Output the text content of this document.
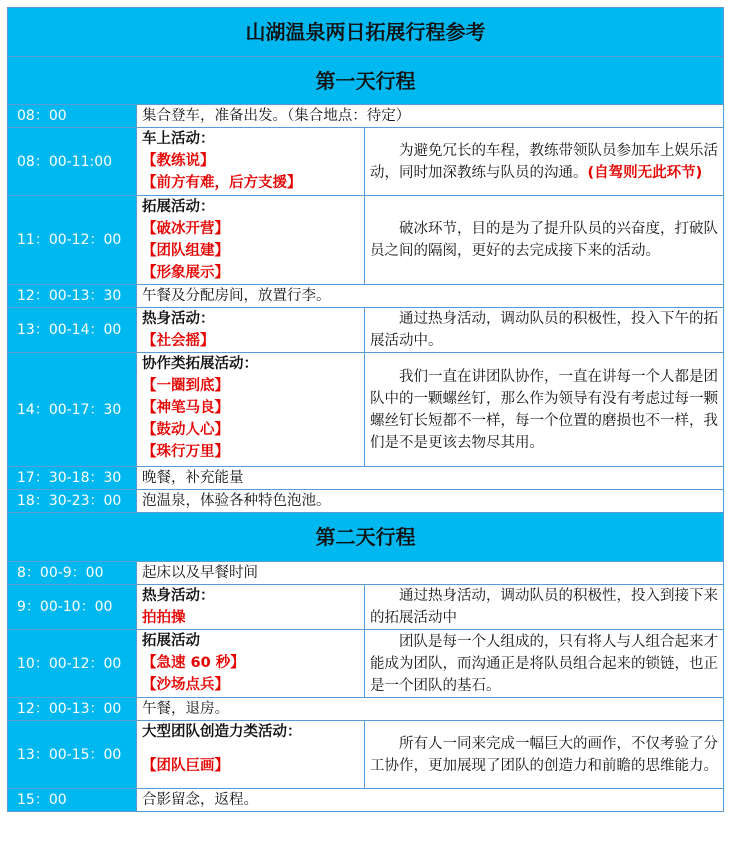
山湖温泉两日拓展行程参考		
第一天行程		
08：00	集合登车，准备出发。（集合地点：待定）	
08：00-11:00	车上活动：
【教练说】
【前方有难，后方支援】	为避免冗长的车程，教练带领队员参加车上娱乐活动，同时加深教练与队员的沟通。(自驾则无此环节)
11：00-12：00	拓展活动：
【破冰开营】
【团队组建】
【形象展示】	破冰环节，目的是为了提升队员的兴奋度，打破队员之间的隔阂，更好的去完成接下来的活动。
12：00-13：30	午餐及分配房间，放置行李。	
13：00-14：00	热身活动：
【社会摇】	通过热身活动，调动队员的积极性，投入下午的拓展活动中。
14：00-17：30	协作类拓展活动：
【一圈到底】
【神笔马良】
【鼓动人心】
【珠行万里】	我们一直在讲团队协作，一直在讲每一个人都是团队中的一颗螺丝钉，那么作为领导有没有考虑过每一颗螺丝钉长短都不一样，每一个位置的磨损也不一样，我们是不是更该去物尽其用。
17：30-18：30	晚餐，补充能量	
18：30-23：00	泡温泉，体验各种特色泡池。	
第二天行程		
8：00-9：00	起床以及早餐时间	
9：00-10：00	热身活动：
拍拍操	通过热身活动，调动队员的积极性，投入到接下来的拓展活动中
10：00-12：00	拓展活动
【急速 60 秒】
【沙场点兵】	团队是每一个人组成的，只有将人与人组合起来才能成为团队，而沟通正是将队员组合起来的锁链，也正是一个团队的基石。
12：00-13：00	午餐，退房。	
13：00-15：00	大型团队创造力类活动：
【团队巨画】	所有人一同来完成一幅巨大的画作，不仅考验了分工协作，更加展现了团队的创造力和前瞻的思维能力。
15：00	合影留念，返程。	
